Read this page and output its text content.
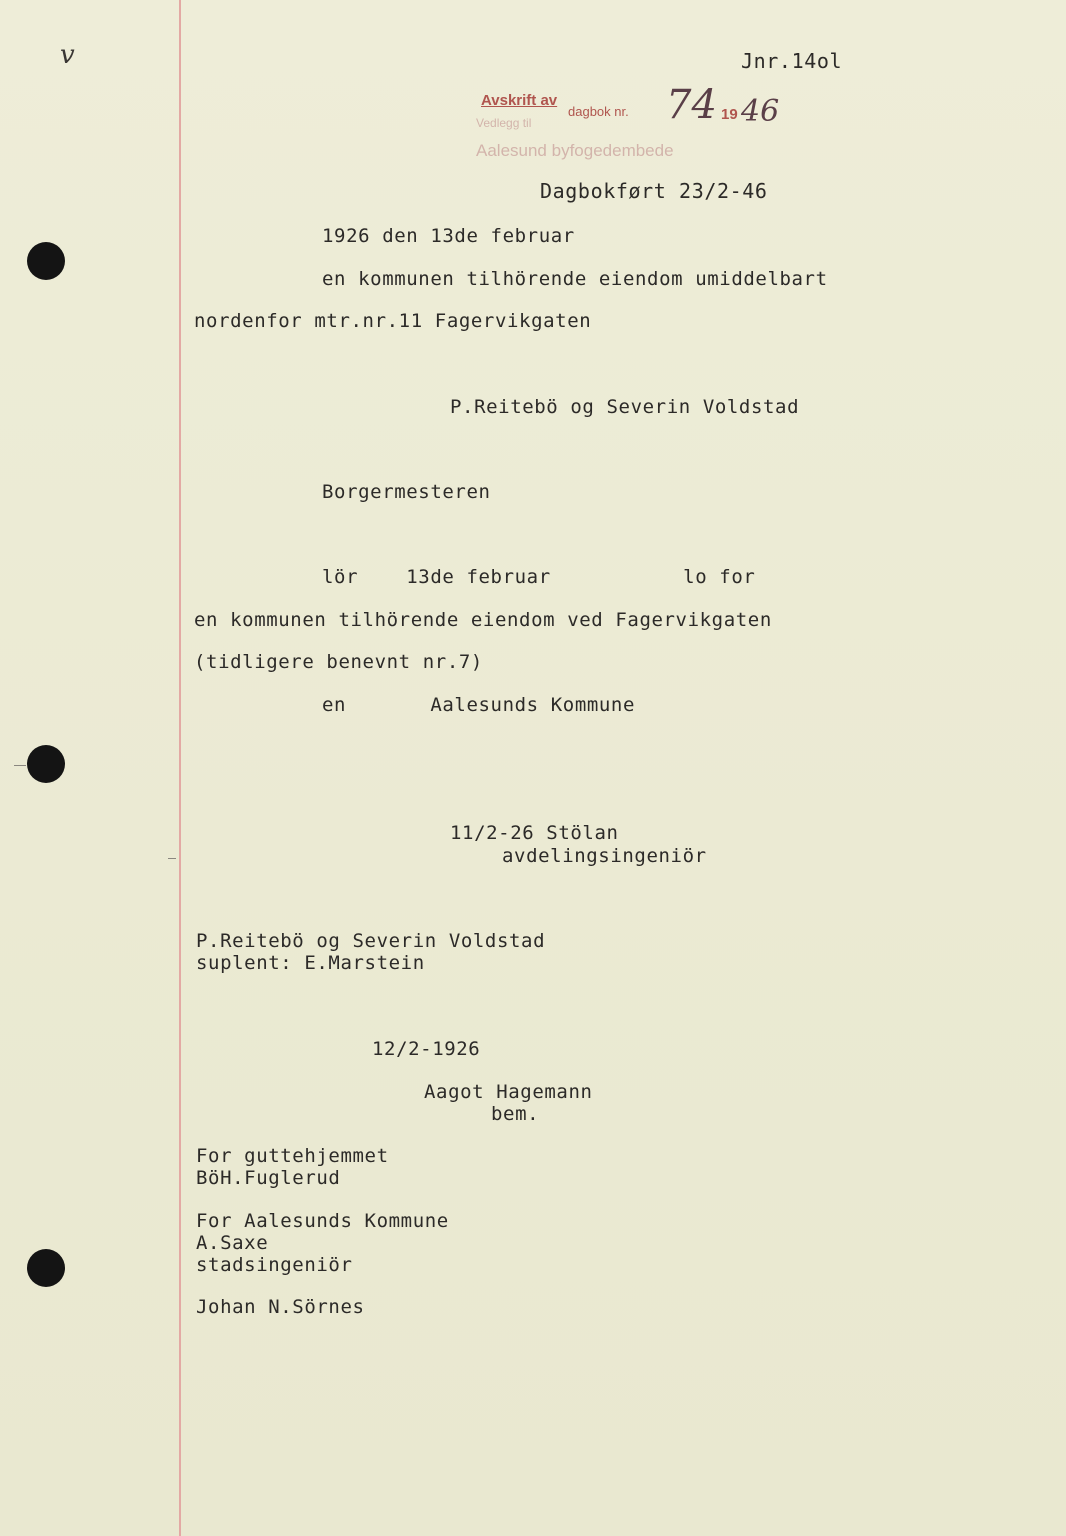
v	Jnr.14ol
Avskrift av
dagbok nr. 74 19 46
Vedlegg til
Aalesund byfogedembede
Dagbokført 23/2-46
1926 den 13de februar
en kommunen tilhörende eiendom umiddelbart
nordenfor mtr.nr.11 Fagervikgaten
P.Reitebö og Severin Voldstad
Borgermesteren
lör    13de februar           lo for
en kommunen tilhörende eiendom ved Fagervikgaten
(tidligere benevnt nr.7)
en       Aalesunds Kommune
11/2-26 Stölan
avdelingsingeniör
P.Reitebö og Severin Voldstad
suplent: E.Marstein
12/2-1926
Aagot Hagemann
bem.
For guttehjemmet
BöH.Fuglerud
For Aalesunds Kommune
A.Saxe
stadsingeniör
Johan N.Sörnes
